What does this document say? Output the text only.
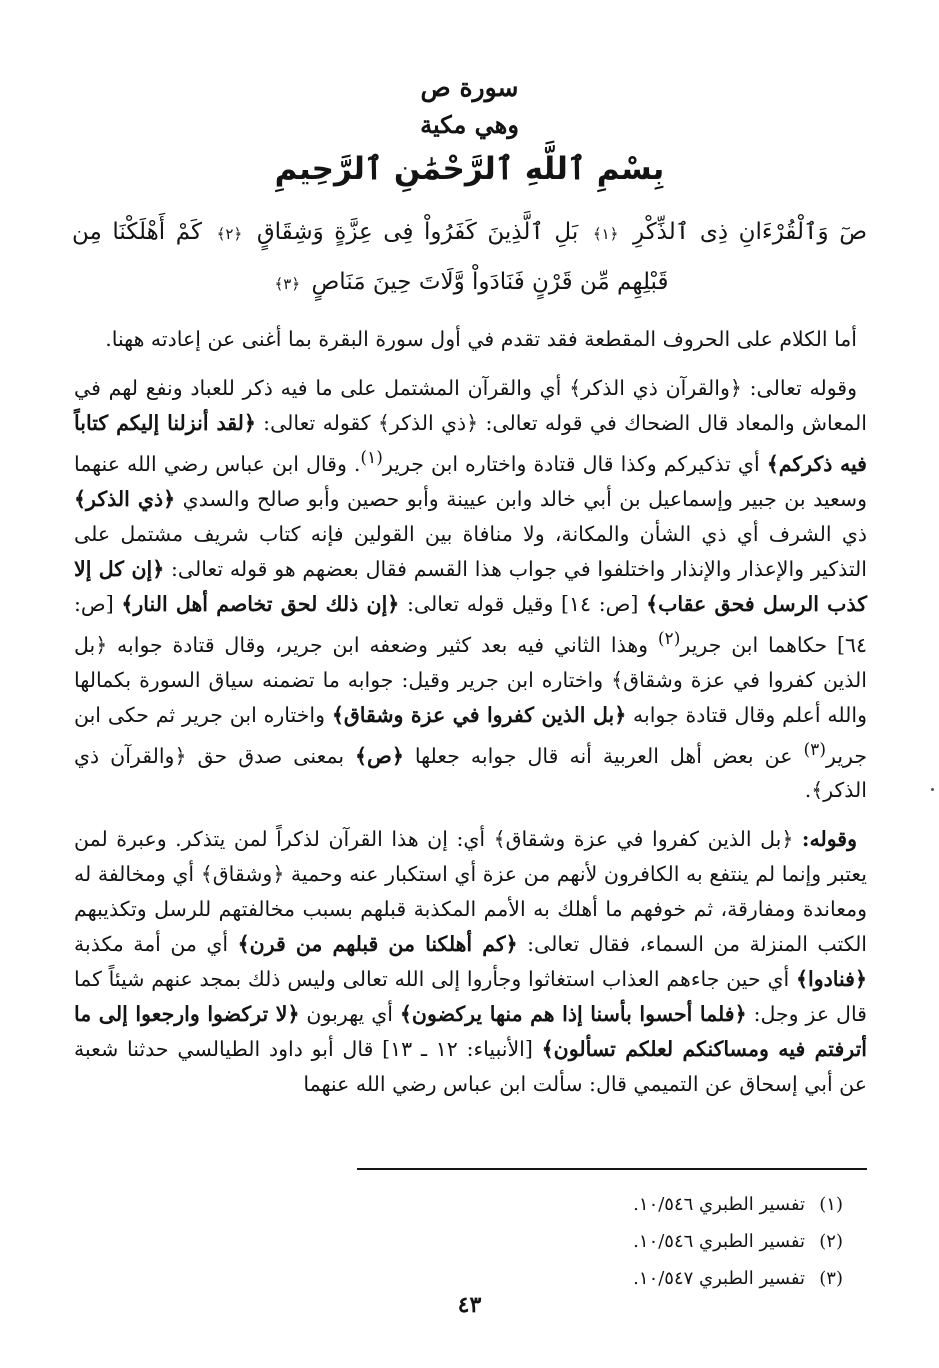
سورة ص
وهي مكية
بِسْمِ ٱللَّهِ ٱلرَّحْمَٰنِ ٱلرَّحِيمِ
صٓ وَٱلْقُرْءَانِ ذِى ٱلذِّكْرِ ﴿١﴾ بَلِ ٱلَّذِينَ كَفَرُواْ فِى عِزَّةٍ وَشِقَاقٍ ﴿٢﴾ كَمْ أَهْلَكْنَا مِن قَبْلِهِم مِّن قَرْنٍ فَنَادَواْ وَّلَاتَ حِينَ مَنَاصٍ ﴿٣﴾

أما الكلام على الحروف المقطعة فقد تقدم في أول سورة البقرة بما أغنى عن إعادته ههنا.

وقوله تعالى: ﴿والقرآن ذي الذكر﴾ أي والقرآن المشتمل على ما فيه ذكر للعباد ونفع لهم في المعاش والمعاد قال الضحاك في قوله تعالى: ﴿ذي الذكر﴾ كقوله تعالى: ﴿لقد أنزلنا إليكم كتاباً فيه ذكركم﴾ أي تذكيركم وكذا قال قتادة واختاره ابن جرير$^{(١)}$. وقال ابن عباس رضي الله عنهما وسعيد بن جبير وإسماعيل بن أبي خالد وابن عيينة وأبو حصين وأبو صالح والسدي ﴿ذي الذكر﴾ ذي الشرف أي ذي الشأن والمكانة، ولا منافاة بين القولين فإنه كتاب شريف مشتمل على التذكير والإعذار والإنذار واختلفوا في جواب هذا القسم فقال بعضهم هو قوله تعالى: ﴿إن كل إلا كذب الرسل فحق عقاب﴾ [ص: ١٤] وقيل قوله تعالى: ﴿إن ذلك لحق تخاصم أهل النار﴾ [ص: ٦٤] حكاهما ابن جرير$^{(٢)}$ وهذا الثاني فيه بعد كثير وضعفه ابن جرير، وقال قتادة جوابه ﴿بل الذين كفروا في عزة وشقاق﴾ واختاره ابن جرير وقيل: جوابه ما تضمنه سياق السورة بكمالها والله أعلم وقال قتادة جوابه ﴿بل الذين كفروا في عزة وشقاق﴾ واختاره ابن جرير ثم حكى ابن جرير$^{(٣)}$ عن بعض أهل العربية أنه قال جوابه جعلها ﴿ص﴾ بمعنى صدق حق ﴿والقرآن ذي الذكر﴾.

وقوله: ﴿بل الذين كفروا في عزة وشقاق﴾ أي: إن هذا القرآن لذكراً لمن يتذكر. وعبرة لمن يعتبر وإنما لم ينتفع به الكافرون لأنهم من عزة أي استكبار عنه وحمية ﴿وشقاق﴾ أي ومخالفة له ومعاندة ومفارقة، ثم خوفهم ما أهلك به الأمم المكذبة قبلهم بسبب مخالفتهم للرسل وتكذيبهم الكتب المنزلة من السماء، فقال تعالى: ﴿كم أهلكنا من قبلهم من قرن﴾ أي من أمة مكذبة ﴿فنادوا﴾ أي حين جاءهم العذاب استغاثوا وجأروا إلى الله تعالى وليس ذلك بمجد عنهم شيئاً كما قال عز وجل: ﴿فلما أحسوا بأسنا إذا هم منها يركضون﴾ أي يهربون ﴿لا تركضوا وارجعوا إلى ما أترفتم فيه ومساكنكم لعلكم تسألون﴾ [الأنبياء: ١٢ ـ ١٣] قال أبو داود الطيالسي حدثنا شعبة عن أبي إسحاق عن التميمي قال: سألت ابن عباس رضي الله عنهما

(١)تفسير الطبري ١٠/٥٤٦.
(٢)تفسير الطبري ١٠/٥٤٦.
(٣)تفسير الطبري ١٠/٥٤٧.
٤٣
